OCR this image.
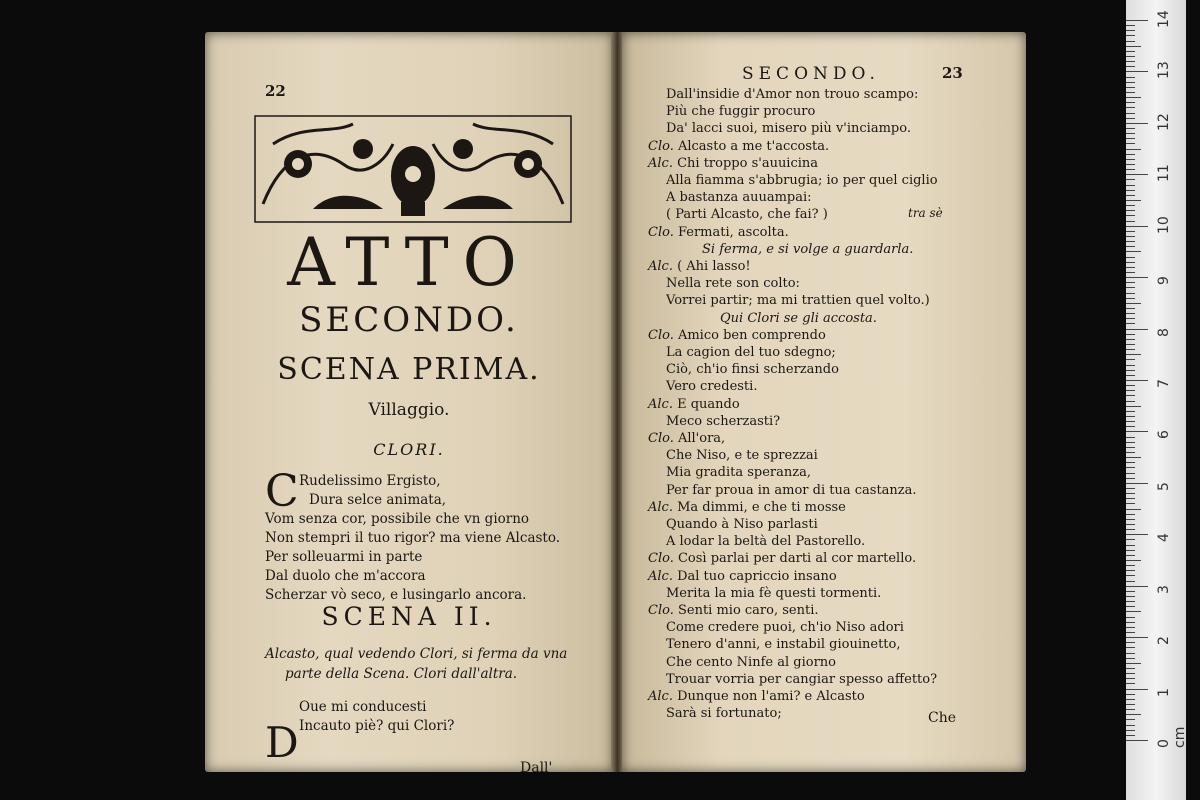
22
ATTO
SECONDO.
SCENA PRIMA.
Villaggio.
CLORI.
C Rudelissimo Ergisto,
Dura selce animata,
Vom senza cor, possibile che vn giorno
Non stempri il tuo rigor? ma viene Alcasto.
Per solleuarmi in parte
Dal duolo che m'accora
Scherzar vò seco, e lusingarlo ancora.
SCENA II.
Alcasto, qual vedendo Clori, si ferma da vna
parte della Scena. Clori dall'altra.
D
Oue mi conducesti
Incauto piè? qui Clori?
Dall'
SECONDO.	23
Dall'insidie d'Amor non trouo scampo:
Più che fuggir procuro
Da' lacci suoi, misero più v'inciampo.
Clo. Alcasto a me t'accosta.
Alc. Chi troppo s'auuicina
Alla fiamma s'abbrugia; io per quel ciglio
A bastanza auuampai:
( Parti Alcasto, che fai? )	tra sè
Clo. Fermati, ascolta.
Si ferma, e si volge a guardarla.
Alc. ( Ahi lasso!
Nella rete son colto:
Vorrei partir; ma mi trattien quel volto.)
Qui Clori se gli accosta.
Clo. Amico ben comprendo
La cagion del tuo sdegno;
Ciò, ch'io finsi scherzando
Vero credesti.
Alc. E quando
Meco scherzasti?
Clo. All'ora,
Che Niso, e te sprezzai
Mia gradita speranza,
Per far proua in amor di tua castanza.
Alc. Ma dimmi, e che ti mosse
Quando à Niso parlasti
A lodar la beltà del Pastorello.
Clo. Così parlai per darti al cor martello.
Alc. Dal tuo capriccio insano
Merita la mia fè questi tormenti.
Clo. Senti mio caro, senti.
Come credere puoi, ch'io Niso adori
Tenero d'anni, e instabil giouinetto,
Che cento Ninfe al giorno
Trouar vorria per cangiar spesso affetto?
Alc. Dunque non l'ami? e Alcasto
Sarà si fortunato;	Che
14
13
12
11
10
9
8
7
6
5
4
3
2
1
0 cm
